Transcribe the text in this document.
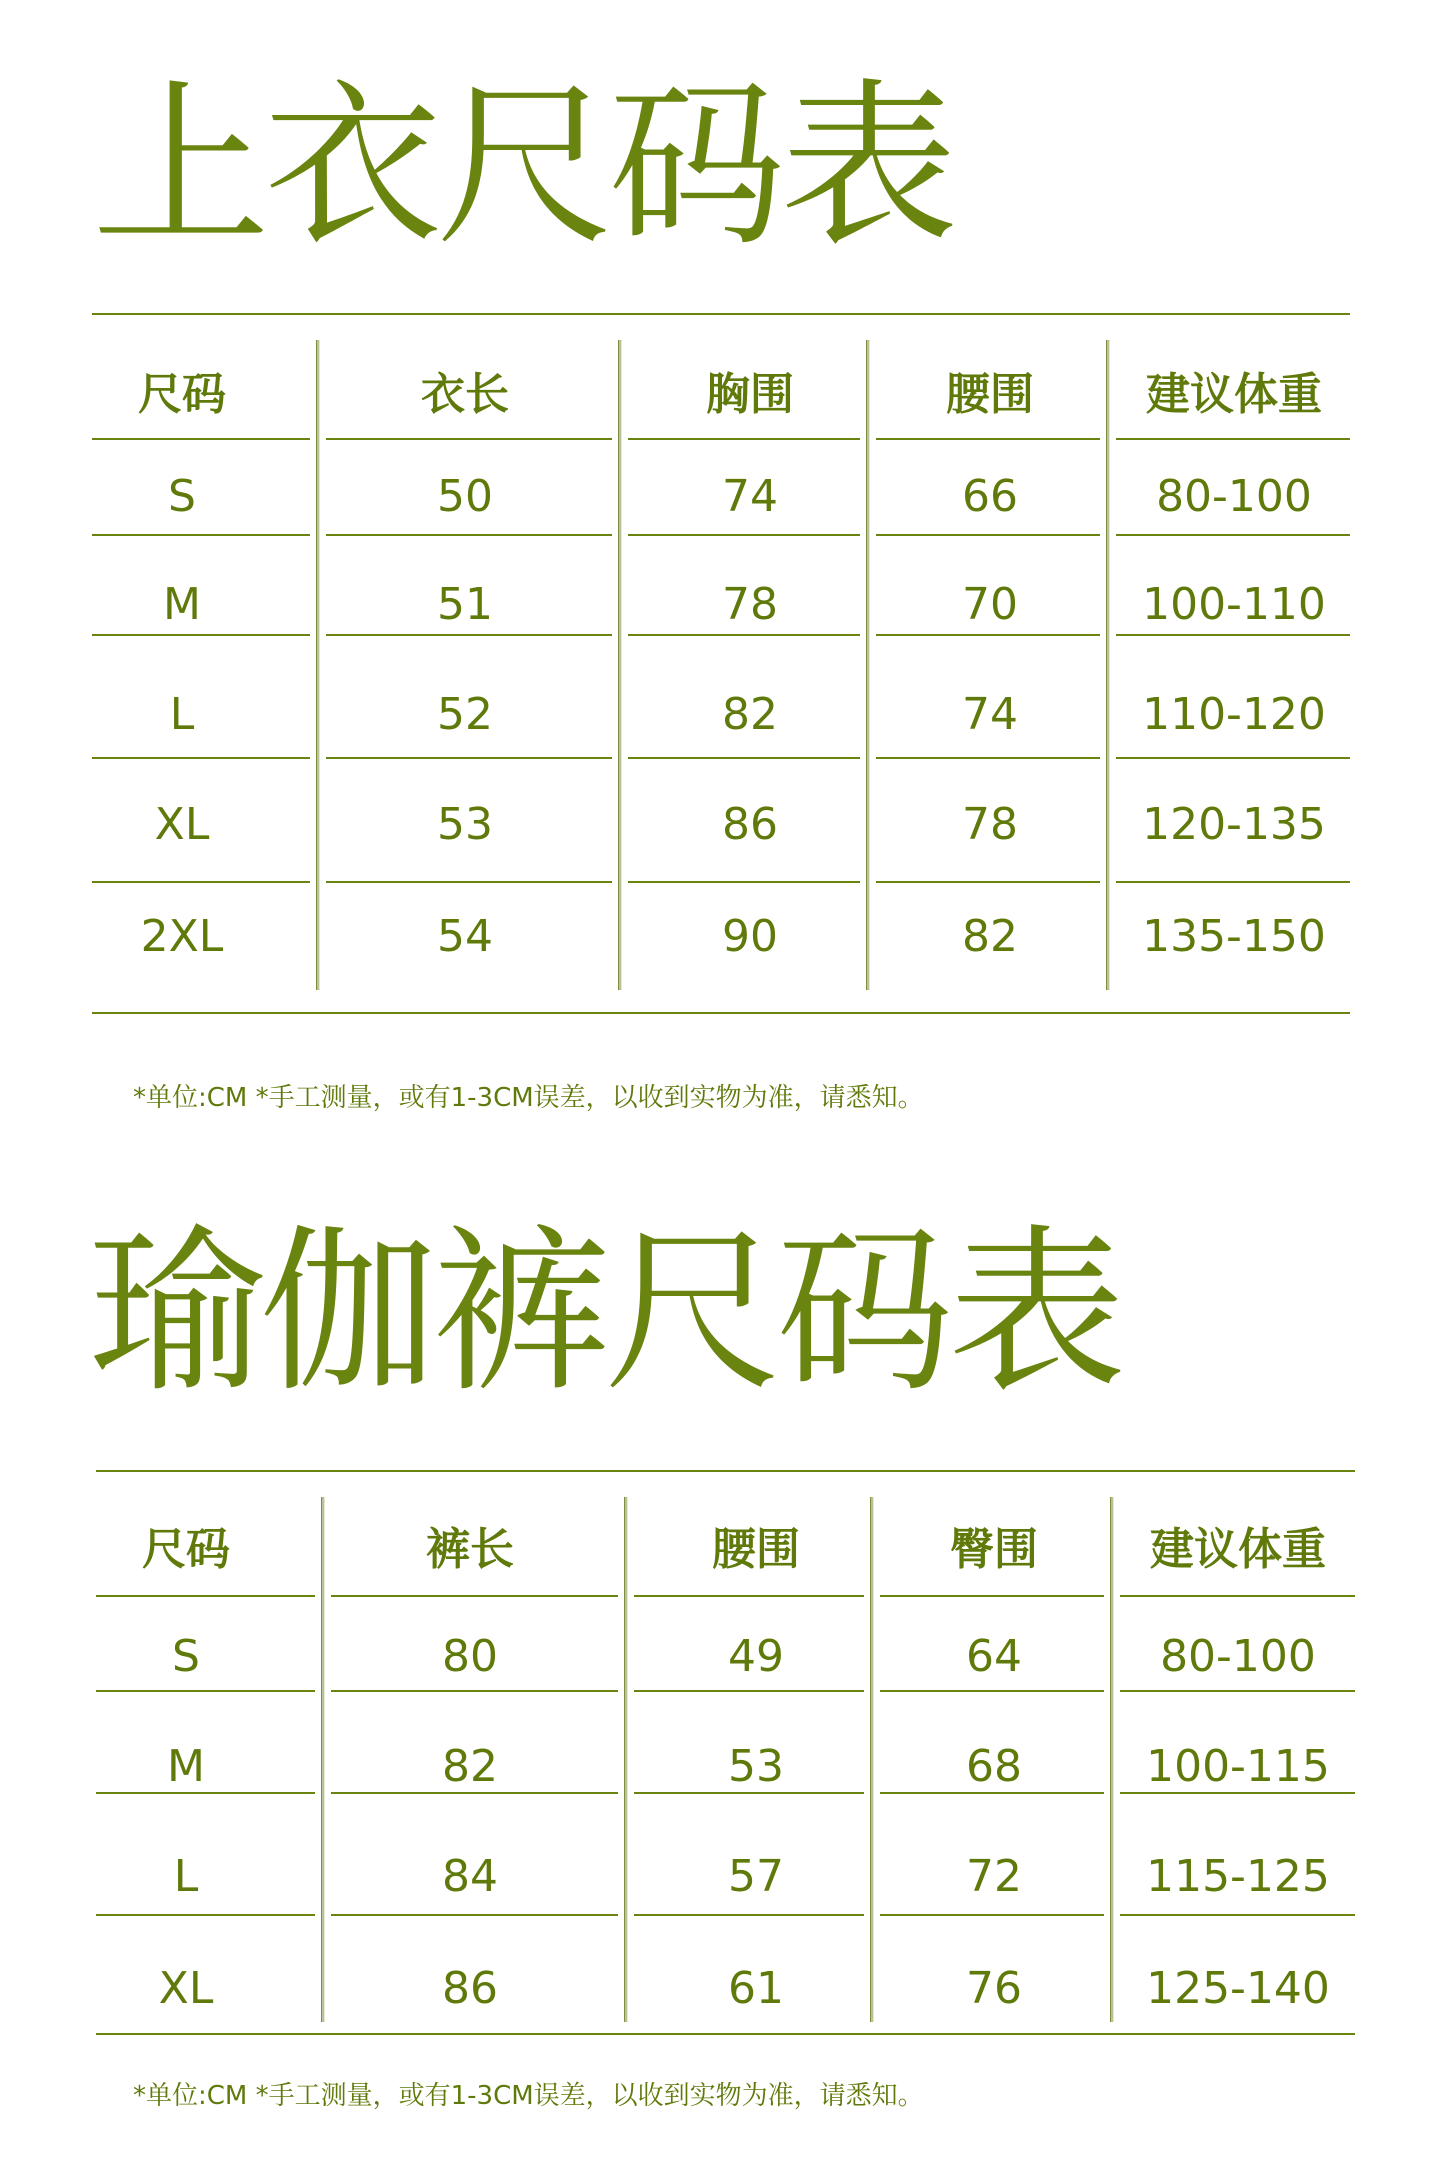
上衣尺码表
*单位:CM *手工测量，或有1-3CM误差，以收到实物为准，请悉知。
瑜伽裤尺码表
*单位:CM *手工测量，或有1-3CM误差，以收到实物为准，请悉知。
尺码	衣长	胸围	腰围	建议体重
S	50	74	66	80-100
M	51	78	70	100-110
L	52	82	74	110-120
XL	53	86	78	120-135
2XL	54	90	82	135-150
尺码	裤长	腰围	臀围	建议体重
S	80	49	64	80-100
M	82	53	68	100-115
L	84	57	72	115-125
XL	86	61	76	125-140
